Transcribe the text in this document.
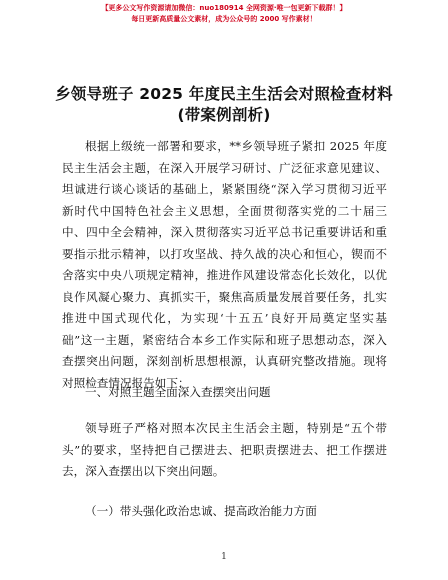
【更多公文写作资源请加微信：nuo180914 全网资源·唯一包更新下载群！】
每日更新高质量公文素材，成为公众号的 2000 写作素材！
乡领导班子 2025 年度民主生活会对照检查材料
(带案例剖析)
根据上级统一部署和要求，**乡领导班子紧扣 2025 年度
民主生活会主题，在深入开展学习研讨、广泛征求意见建议、
坦诚进行谈心谈话的基础上，紧紧围绕“深入学习贯彻习近平
新时代中国特色社会主义思想，全面贯彻落实党的二十届三
中、四中全会精神，深入贯彻落实习近平总书记重要讲话和重
要指示批示精神，以打攻坚战、持久战的决心和恒心，锲而不
舍落实中央八项规定精神，推进作风建设常态化长效化，以优
良作风凝心聚力、真抓实干，聚焦高质量发展首要任务，扎实
推进中国式现代化，为实现‘十五五’良好开局奠定坚实基
础”这一主题，紧密结合本乡工作实际和班子思想动态，深入
查摆突出问题，深刻剖析思想根源，认真研究整改措施。现将
对照检查情况报告如下：
一、对照主题全面深入查摆突出问题
领导班子严格对照本次民主生活会主题，特别是“五个带
头”的要求，坚持把自己摆进去、把职责摆进去、把工作摆进
去，深入查摆出以下突出问题。
（一）带头强化政治忠诚、提高政治能力方面
1
